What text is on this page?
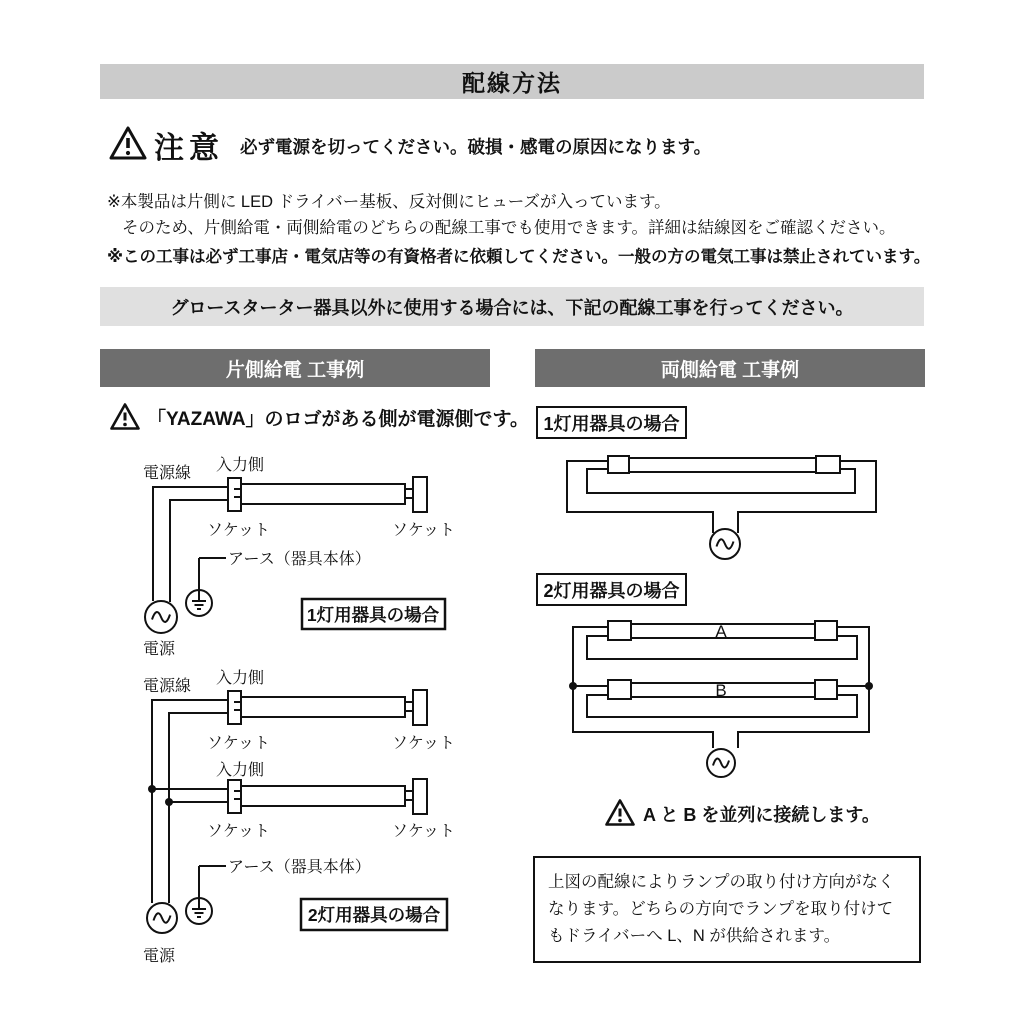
配線方法
注意 必ず電源を切ってください。破損・感電の原因になります。
※本製品は片側に LED ドライバー基板、反対側にヒューズが入っています。
そのため、片側給電・両側給電のどちらの配線工事でも使用できます。詳細は結線図をご確認ください。
※この工事は必ず工事店・電気店等の有資格者に依頼してください。一般の方の電気工事は禁止されています。
グロースターター器具以外に使用する場合には、下記の配線工事を行ってください。
片側給電 工事例	両側給電 工事例
「YAZAWA」のロゴがある側が電源側です。
電源線 入力側
ソケット	ソケット
アース（器具本体）
電源
1灯用器具の場合
電源線 入力側
ソケット	ソケット
入力側
ソケット	ソケット
アース（器具本体）
電源
2灯用器具の場合
1灯用器具の場合
2灯用器具の場合
A
B
A と B を並列に接続します。
上図の配線によりランプの取り付け方向がなくなります。どちらの方向でランプを取り付けてもドライバーへ L、N が供給されます。
